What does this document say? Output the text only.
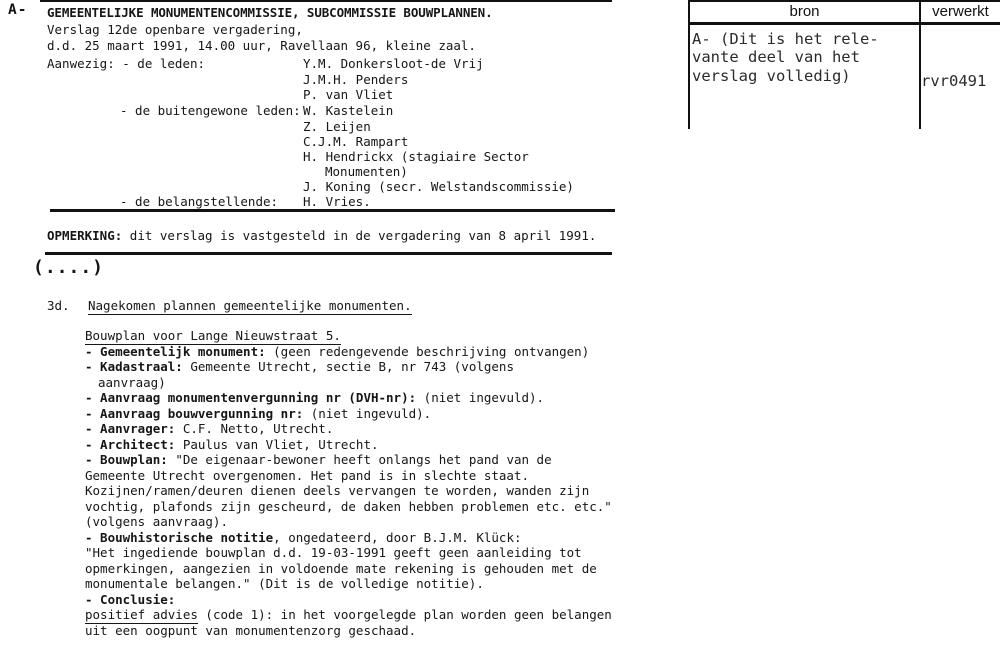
A- GEMEENTELIJKE MONUMENTENCOMMISSIE, SUBCOMMISSIE BOUWPLANNEN.
Verslag 12de openbare vergadering,
d.d. 25 maart 1991, 14.00 uur, Ravellaan 96, kleine zaal.
Aanwezig: - de leden:	Y.M. Donkersloot-de Vrij
J.M.H. Penders
P. van Vliet
- de buitengewone leden: W. Kastelein
Z. Leijen
C.J.M. Rampart
H. Hendrickx (stagiaire Sector
Monumenten)
J. Koning (secr. Welstandscommissie)
- de belangstellende: H. Vries.
OPMERKING: dit verslag is vastgesteld in de vergadering van 8 april 1991.
(....)
3d. Nagekomen plannen gemeentelijke monumenten.
Bouwplan voor Lange Nieuwstraat 5.
- Gemeentelijk monument: (geen redengevende beschrijving ontvangen)
- Kadastraal: Gemeente Utrecht, sectie B, nr 743 (volgens
aanvraag)
- Aanvraag monumentenvergunning nr (DVH-nr): (niet ingevuld).
- Aanvraag bouwvergunning nr: (niet ingevuld).
- Aanvrager: C.F. Netto, Utrecht.
- Architect: Paulus van Vliet, Utrecht.
- Bouwplan: "De eigenaar-bewoner heeft onlangs het pand van de
Gemeente Utrecht overgenomen. Het pand is in slechte staat.
Kozijnen/ramen/deuren dienen deels vervangen te worden, wanden zijn
vochtig, plafonds zijn gescheurd, de daken hebben problemen etc. etc."
(volgens aanvraag).
- Bouwhistorische notitie, ongedateerd, door B.J.M. Klück:
"Het ingediende bouwplan d.d. 19-03-1991 geeft geen aanleiding tot
opmerkingen, aangezien in voldoende mate rekening is gehouden met de
monumentale belangen." (Dit is de volledige notitie).
- Conclusie:
positief advies (code 1): in het voorgelegde plan worden geen belangen
uit een oogpunt van monumentenzorg geschaad.
bron	verwerkt
A- (Dit is het rele-
vante deel van het
verslag volledig)	rvr0491
